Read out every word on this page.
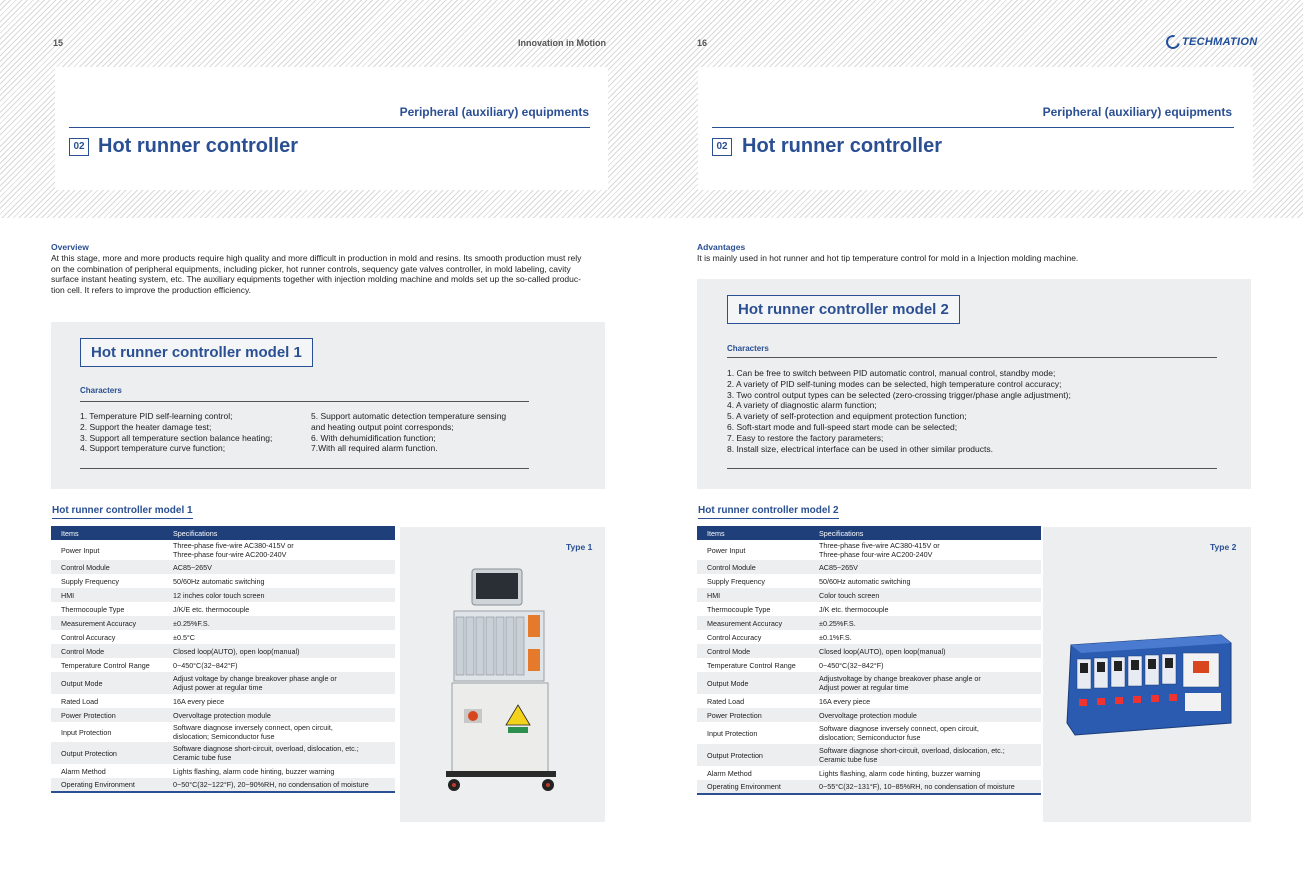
15	Innovation in Motion	16	TECHMATION
Peripheral (auxiliary) equipments
02 Hot runner controller
Peripheral (auxiliary) equipments
02 Hot runner controller
Overview
At this stage, more and more products require high quality and more difficult in production in mold and resins. Its smooth production must rely
on the combination of peripheral equipments, including picker, hot runner controls, sequency gate valves controller, in mold labeling, cavity
surface instant heating system, etc. The auxiliary equipments together with injection molding machine and molds set up the so-called produc-
tion cell. It refers to improve the production efficiency.
Hot runner controller model 1
Characters
1. Temperature PID self-learning control;
2. Support the heater damage test;
3. Support all temperature section balance heating;
4. Support temperature curve function;
5. Support automatic detection temperature sensing
and heating output point corresponds;
6. With dehumidification function;
7.With all required alarm function.
Hot runner controller model 1
Items	Specifications
Power Input	Three-phase five-wire AC380-415V or
Three-phase four-wire AC200-240V
Control Module	AC85~265V
Supply Frequency	50/60Hz automatic switching
HMI	12 inches color touch screen
Thermocouple Type	J/K/E etc. thermocouple
Measurement Accuracy	±0.25%F.S.
Control Accuracy	±0.5°C
Control Mode	Closed loop(AUTO), open loop(manual)
Temperature Control Range	0~450°C(32~842°F)
Output Mode	Adjust voltage by change breakover phase angle or
Adjust power at regular time
Rated Load	16A every piece
Power Protection	Overvoltage protection module
Input Protection	Software diagnose inversely connect, open circuit,
dislocation; Semiconductor fuse
Output Protection	Software diagnose short-circuit, overload, dislocation, etc.;
Ceramic tube fuse
Alarm Method	Lights flashing, alarm code hinting, buzzer warning
Operating Environment	0~50°C(32~122°F), 20~90%RH, no condensation of moisture
Type 1
Advantages
It is mainly used in hot runner and hot tip temperature control for mold in a Injection molding machine.
Hot runner controller model 2
Characters
1. Can be free to switch between PID automatic control, manual control, standby mode;
2. A variety of PID self-tuning modes can be selected, high temperature control accuracy;
3. Two control output types can be selected (zero-crossing trigger/phase angle adjustment);
4. A variety of diagnostic alarm function;
5. A variety of self-protection and equipment protection function;
6. Soft-start mode and full-speed start mode can be selected;
7. Easy to restore the factory parameters;
8. Install size, electrical interface can be used in other similar products.
Hot runner controller model 2
Items	Specifications
Power Input	Three-phase five-wire AC380-415V or
Three-phase four-wire AC200-240V
Control Module	AC85~265V
Supply Frequency	50/60Hz automatic switching
HMI	Color touch screen
Thermocouple Type	J/K etc. thermocouple
Measurement Accuracy	±0.25%F.S.
Control Accuracy	±0.1%F.S.
Control Mode	Closed loop(AUTO), open loop(manual)
Temperature Control Range	0~450°C(32~842°F)
Output Mode	Adjustvoltage by change breakover phase angle or
Adjust power at regular time
Rated Load	16A every piece
Power Protection	Overvoltage protection module
Input Protection	Software diagnose inversely connect, open circuit,
dislocation; Semiconductor fuse
Output Protection	Software diagnose short-circuit, overload, dislocation, etc.;
Ceramic tube fuse
Alarm Method	Lights flashing, alarm code hinting, buzzer warning
Operating Environment	0~55°C(32~131°F), 10~85%RH, no condensation of moisture
Type 2
